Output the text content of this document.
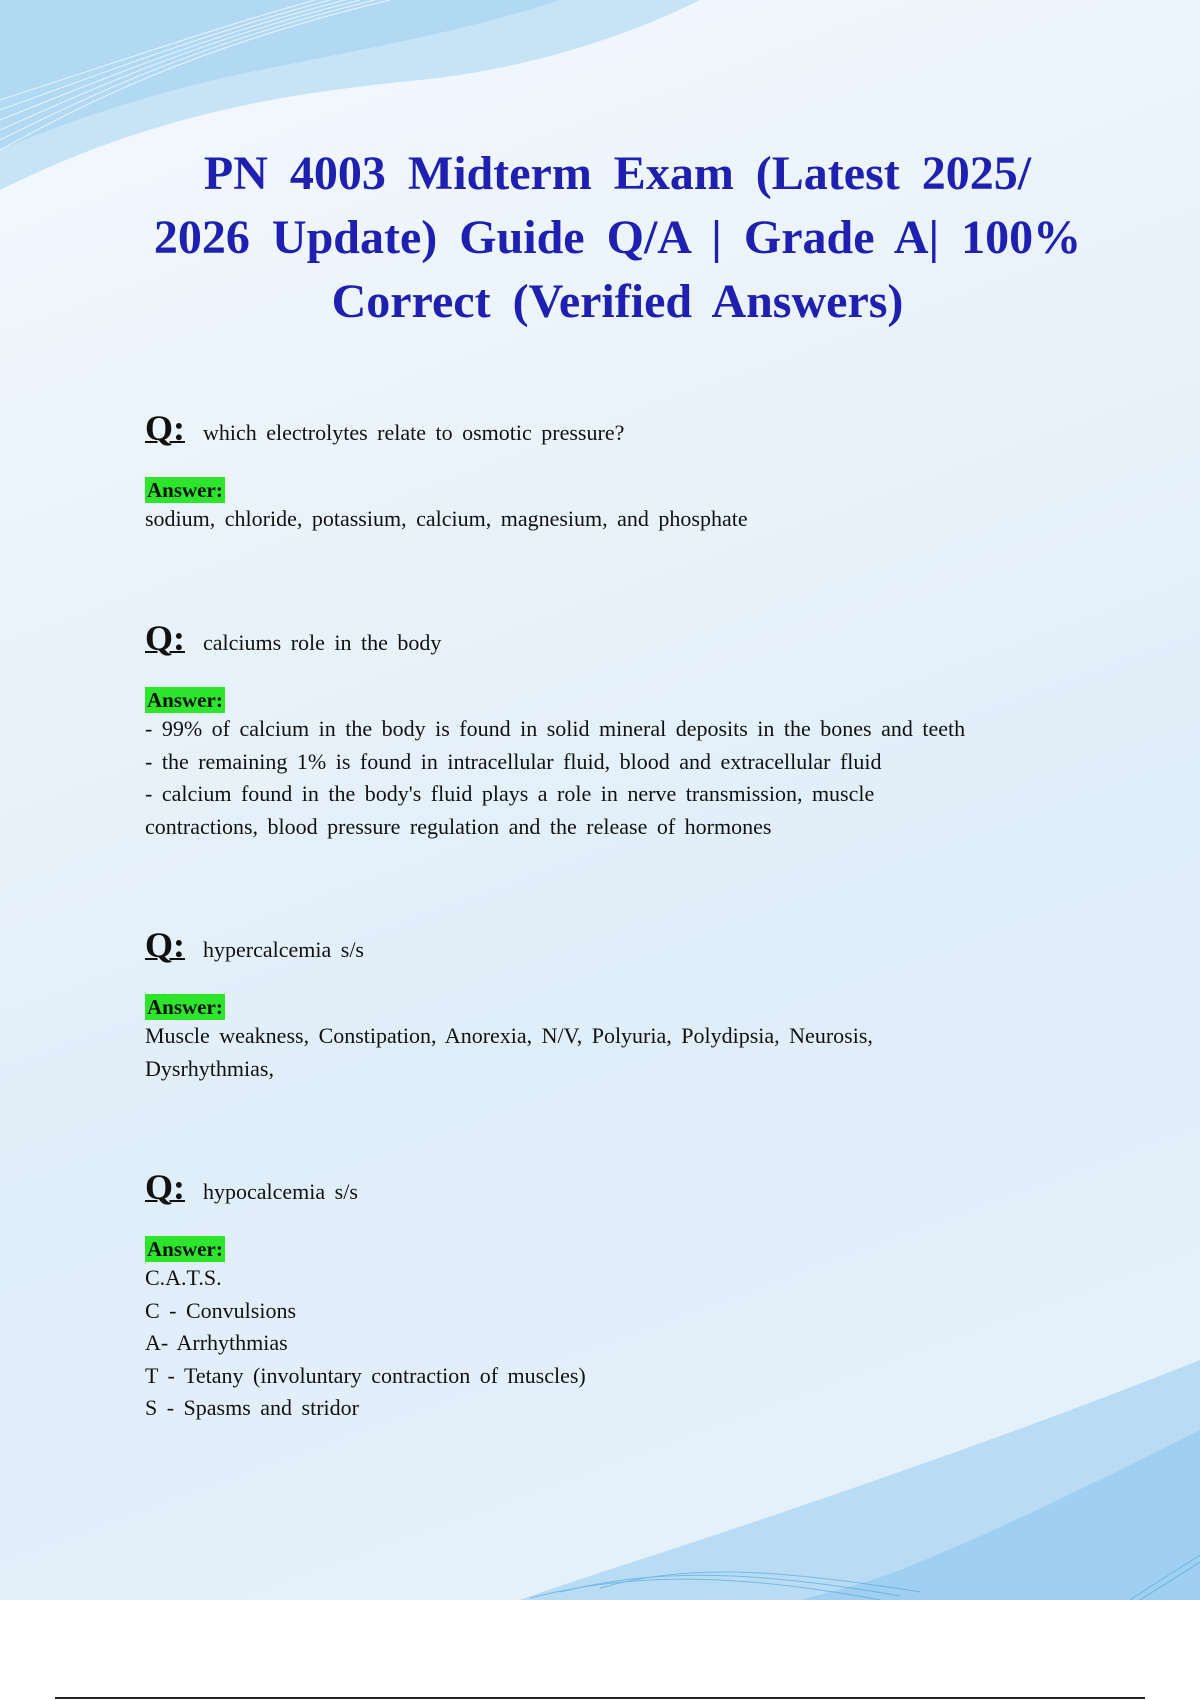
PN 4003 Midterm Exam (Latest 2025/ 2026 Update) Guide Q/A | Grade A| 100% Correct (Verified Answers)
Q: which electrolytes relate to osmotic pressure?
Answer:
sodium, chloride, potassium, calcium, magnesium, and phosphate
Q: calciums role in the body
Answer:
- 99% of calcium in the body is found in solid mineral deposits in the bones and teeth
- the remaining 1% is found in intracellular fluid, blood and extracellular fluid
- calcium found in the body's fluid plays a role in nerve transmission, muscle
contractions, blood pressure regulation and the release of hormones
Q: hypercalcemia s/s
Answer:
Muscle weakness, Constipation, Anorexia, N/V, Polyuria, Polydipsia, Neurosis,
Dysrhythmias,
Q: hypocalcemia s/s
Answer:
C.A.T.S.
C - Convulsions
A- Arrhythmias
T - Tetany (involuntary contraction of muscles)
S - Spasms and stridor
